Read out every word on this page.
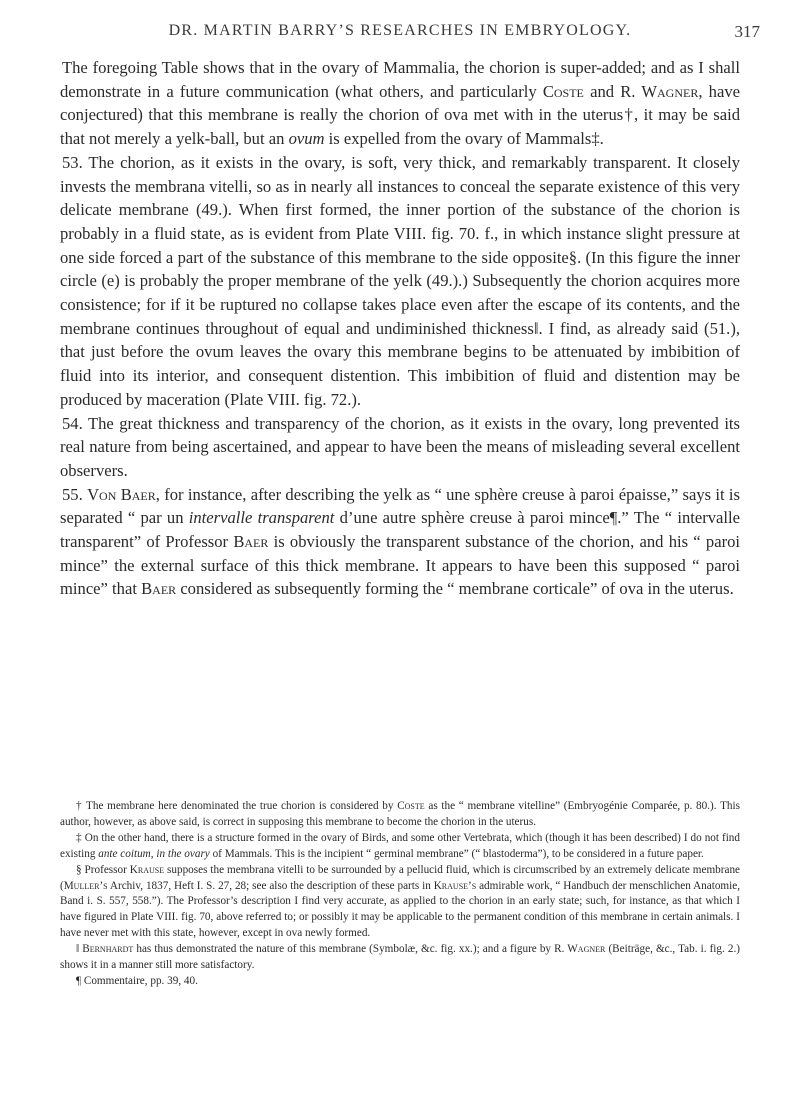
DR. MARTIN BARRY’S RESEARCHES IN EMBRYOLOGY.	317

The foregoing Table shows that in the ovary of Mammalia, the chorion is super-added; and as I shall demonstrate in a future communication (what others, and particularly Coste and R. Wagner, have conjectured) that this membrane is really the chorion of ova met with in the uterus†, it may be said that not merely a yelk-ball, but an ovum is expelled from the ovary of Mammals‡.

53. The chorion, as it exists in the ovary, is soft, very thick, and remarkably transparent. It closely invests the membrana vitelli, so as in nearly all instances to conceal the separate existence of this very delicate membrane (49.). When first formed, the inner portion of the substance of the chorion is probably in a fluid state, as is evident from Plate VIII. fig. 70. f., in which instance slight pressure at one side forced a part of the substance of this membrane to the side opposite§. (In this figure the inner circle (e) is probably the proper membrane of the yelk (49.).) Subsequently the chorion acquires more consistence; for if it be ruptured no collapse takes place even after the escape of its contents, and the membrane continues throughout of equal and undiminished thickness‖. I find, as already said (51.), that just before the ovum leaves the ovary this membrane begins to be attenuated by imbibition of fluid into its interior, and consequent distention. This imbibition of fluid and distention may be produced by maceration (Plate VIII. fig. 72.).

54. The great thickness and transparency of the chorion, as it exists in the ovary, long prevented its real nature from being ascertained, and appear to have been the means of misleading several excellent observers.

55. Von Baer, for instance, after describing the yelk as “ une sphère creuse à paroi épaisse,” says it is separated “ par un intervalle transparent d’une autre sphère creuse à paroi mince¶.” The “ intervalle transparent” of Professor Baer is obviously the transparent substance of the chorion, and his “ paroi mince” the external surface of this thick membrane. It appears to have been this supposed “ paroi mince” that Baer considered as subsequently forming the “ membrane corticale” of ova in the uterus.

† The membrane here denominated the true chorion is considered by Coste as the “ membrane vitelline” (Embryogénie Comparée, p. 80.). This author, however, as above said, is correct in supposing this membrane to become the chorion in the uterus.

‡ On the other hand, there is a structure formed in the ovary of Birds, and some other Vertebrata, which (though it has been described) I do not find existing ante coitum, in the ovary of Mammals. This is the incipient “ germinal membrane” (“ blastoderma”), to be considered in a future paper.

§ Professor Krause supposes the membrana vitelli to be surrounded by a pellucid fluid, which is circumscribed by an extremely delicate membrane (Muller’s Archiv, 1837, Heft I. S. 27, 28; see also the description of these parts in Krause’s admirable work, “ Handbuch der menschlichen Anatomie, Band i. S. 557, 558.”). The Professor’s description I find very accurate, as applied to the chorion in an early state; such, for instance, as that which I have figured in Plate VIII. fig. 70, above referred to; or possibly it may be applicable to the permanent condition of this membrane in certain animals. I have never met with this state, however, except in ova newly formed.

‖ Bernhardt has thus demonstrated the nature of this membrane (Symbolæ, &c. fig. xx.); and a figure by R. Wagner (Beiträge, &c., Tab. i. fig. 2.) shows it in a manner still more satisfactory.

¶ Commentaire, pp. 39, 40.
